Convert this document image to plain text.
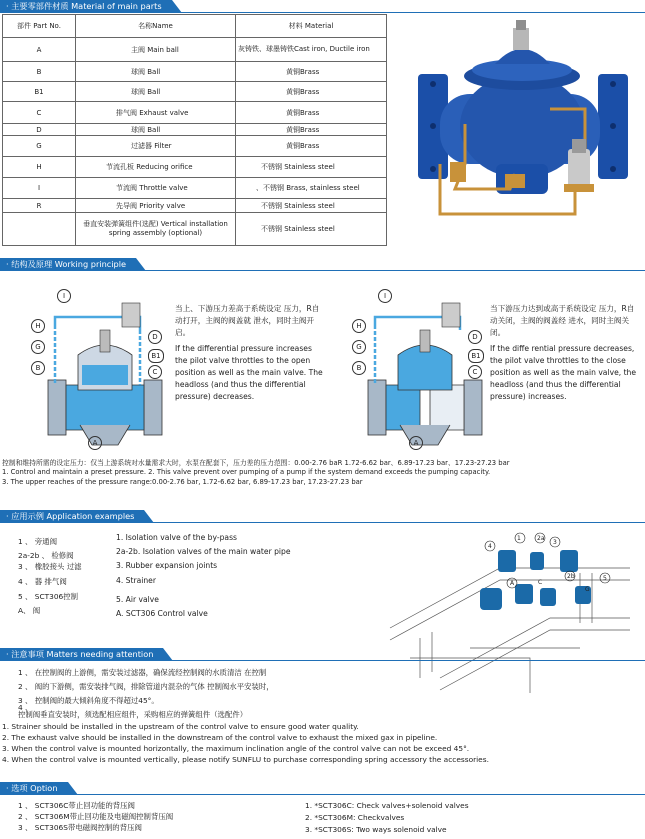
· 主要零部件材质 Material of main parts
部件 Part No.	名称Name	材料 Material
A	主阀 Main ball	灰铸铁、球墨铸铁Cast iron, Ductile iron
B	球阀 Ball	黄铜Brass
B1	球阀 Ball	黄铜Brass
C	排气阀 Exhaust valve	黄铜Brass
D	球阀 Ball	黄铜Brass
G	过滤器 Filter	黄铜Brass
H	节流孔板 Reducing orifice	不锈钢 Stainless steel
I	节流阀 Throttle valve	、不锈钢 Brass, stainless steel
R	先导阀 Priority valve	不锈钢 Stainless steel
	垂直安装弹簧组件(选配) Vertical installation spring assembly (optional)	不锈钢 Stainless steel
· 结构及原理 Working principle
I
H
G
B
D
B1
C
A
当上、下游压力差高于系统设定 压力，R自动打开，主阀的阀盖就 泄水，同时主阀开启。
If the differential pressure increases the pilot valve throttles to the open position as well as the main valve. The headloss (and thus the differential pressure) decreases.
I
H
G
B
D
B1
C
A
当下游压力达到或高于系统设定 压力，R自动关闭，主阀的阀盖经 进水，同时主阀关闭。
If the diffe rential pressure decreases, the pilot valve throttles to the close position as well as the main valve, the headloss (and thus the differential pressure) increases.
控制和维持所需的设定压力：仅当上游系统对水量需求大时，水泵在配套下，压力差的压力范围：0.00-2.76 baR 1.72-6.62 bar、6.89-17.23 bar、17.23-27.23 bar
1. Control and maintain a preset pressure. 2. This valve prevent over pumping of a pump if the system demand exceeds the pumping capacity.
3. The upper reaches of the pressure range:0.00-2.76 bar, 1.72-6.62 bar, 6.89-17.23 bar, 17.23-27.23 bar
· 应用示例 Application examples
1 、 旁通阀
2a-2b 、 检修阀
3 、 橡胶接头 过滤
4 、 器 排气阀
5 、 SCT306控制
A、 阀
1. Isolation valve of the by-pass
2a-2b. Isolation valves of the main water pipe
3. Rubber expansion joints
4. Strainer
5. Air valve
A. SCT306 Control valve
1	2a
3
4
5
A
2b
C
G
· 注意事项 Matters needing attention
1 、 在控制阀的上游侧，需安装过滤器，确保流经控制阀的水质清洁 在控制
2 、 阀的下游侧，需安装排气阀，排除管道内混杂的气体 控制阀水平安装时，
3 、 控制阀的最大倾斜角度不得超过45°。
4 、
控制阀垂直安装时，须选配相应组件，采购相应的弹簧组件（选配件）
1. Strainer should be installed in the upstream of the control valve to ensure good water quality.
2. The exhaust valve should be installed in the downstream of the control valve to exhaust the mixed gax in pipeline.
3. When the control valve is mounted horizontally, the maximum inclination angle of the control valve can not be exceed 45°.
4. When the control valve is mounted vertically, please notify SUNFLU to purchase corresponding spring accessory the accessories.
· 选项 Option
1 、 SCT306C带止回功能的背压阀
2 、 SCT306M带止回功能及电磁阀控制背压阀
3 、 SCT306S带电磁阀控制的背压阀
1. *SCT306C: Check valves+solenoid valves
2. *SCT306M: Checkvalves
3. *SCT306S: Two ways solenoid valve
